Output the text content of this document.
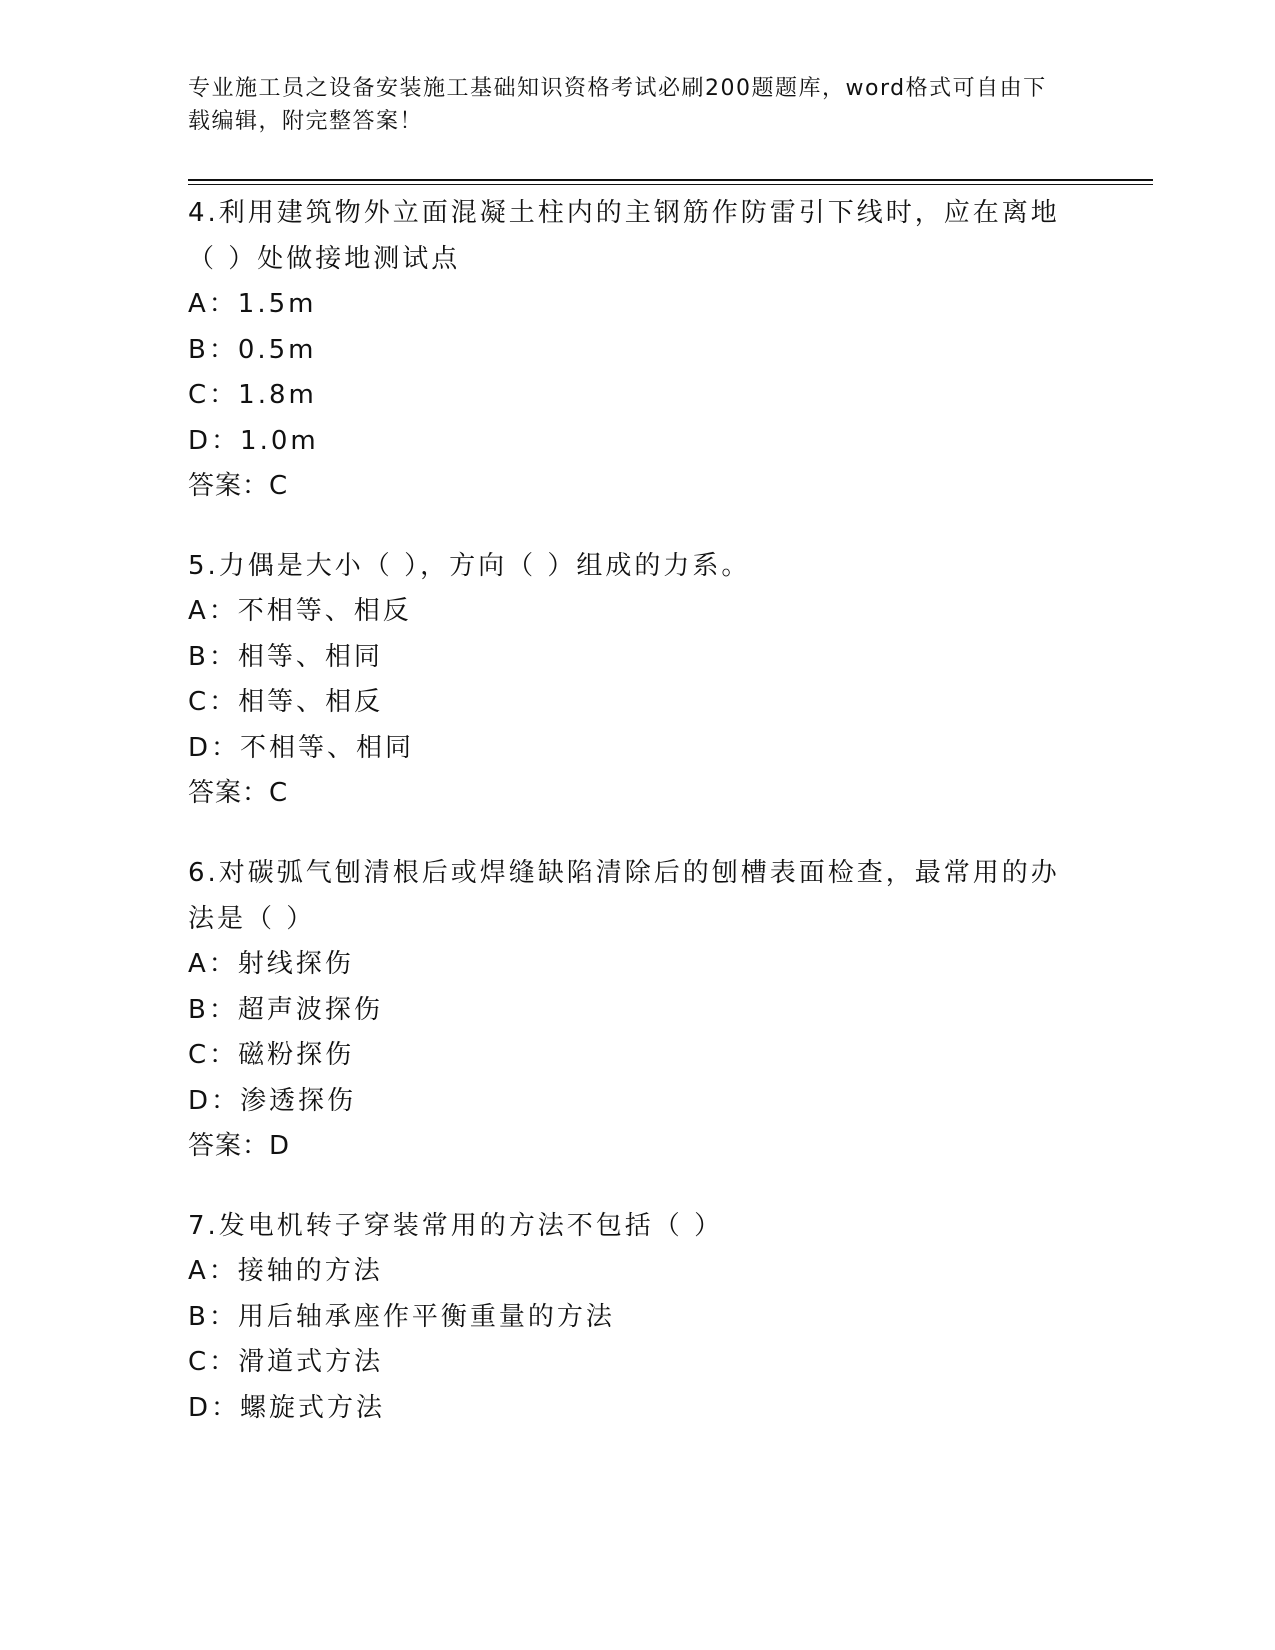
专业施工员之设备安装施工基础知识资格考试必刷200题题库，word格式可自由下载编辑，附完整答案！

4.利用建筑物外立面混凝土柱内的主钢筋作防雷引下线时，应在离地（ ）处做接地测试点

A：1.5m

B：0.5m

C：1.8m

D：1.0m

答案：C

5.力偶是大小（ ），方向（ ）组成的力系。

A：不相等、相反

B：相等、相同

C：相等、相反

D：不相等、相同

答案：C

6.对碳弧气刨清根后或焊缝缺陷清除后的刨槽表面检查，最常用的办法是（ ）

A：射线探伤

B：超声波探伤

C：磁粉探伤

D：渗透探伤

答案：D

7.发电机转子穿装常用的方法不包括（ ）

A：接轴的方法

B：用后轴承座作平衡重量的方法

C：滑道式方法

D：螺旋式方法
